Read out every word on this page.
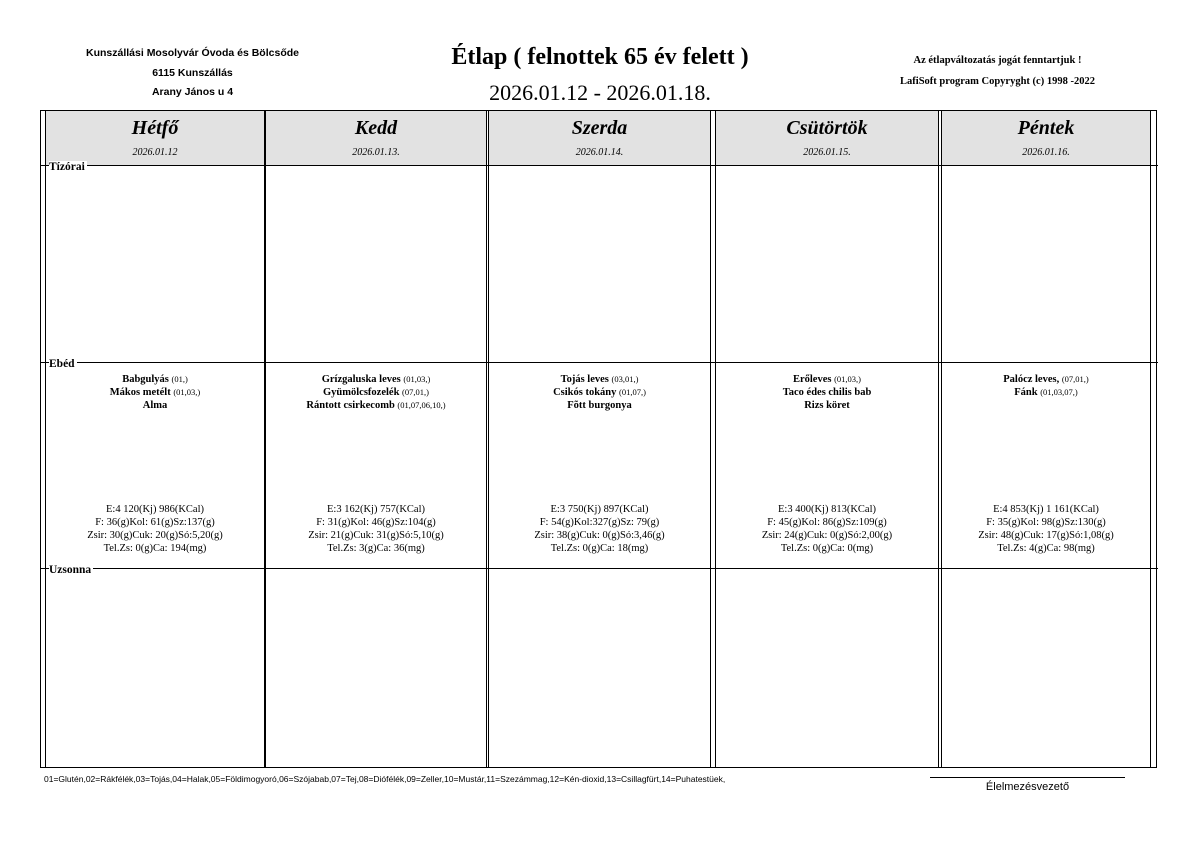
Kunszállási Mosolyvár Óvoda és Bölcsőde
6115 Kunszállás
Arany János u 4
Étlap ( felnottek 65 év felett )
2026.01.12 - 2026.01.18.
Az étlapváltozatás jogát fenntartjuk !
LafiSoft program Copyryght (c) 1998 -2022
Hétfő
2026.01.12
Babgulyás (01,)
Mákos metélt (01,03,)
Alma
E:4 120(Kj) 986(KCal)
F: 36(g)Kol: 61(g)Sz:137(g)
Zsir: 30(g)Cuk: 20(g)Só:5,20(g)
Tel.Zs: 0(g)Ca: 194(mg)
Kedd
2026.01.13.
Grízgaluska leves (01,03,)
Gyümölcsfozelék (07,01,)
Rántott csirkecomb (01,07,06,10,)
E:3 162(Kj) 757(KCal)
F: 31(g)Kol: 46(g)Sz:104(g)
Zsir: 21(g)Cuk: 31(g)Só:5,10(g)
Tel.Zs: 3(g)Ca: 36(mg)
Szerda
2026.01.14.
Tojás leves (03,01,)
Csikós tokány (01,07,)
Fõtt burgonya
E:3 750(Kj) 897(KCal)
F: 54(g)Kol:327(g)Sz: 79(g)
Zsir: 38(g)Cuk: 0(g)Só:3,46(g)
Tel.Zs: 0(g)Ca: 18(mg)
Csütörtök
2026.01.15.
Erőleves (01,03,)
Taco édes chilis bab
Rizs köret
E:3 400(Kj) 813(KCal)
F: 45(g)Kol: 86(g)Sz:109(g)
Zsir: 24(g)Cuk: 0(g)Só:2,00(g)
Tel.Zs: 0(g)Ca: 0(mg)
Péntek
2026.01.16.
Palócz leves, (07,01,)
Fánk (01,03,07,)
E:4 853(Kj) 1 161(KCal)
F: 35(g)Kol: 98(g)Sz:130(g)
Zsir: 48(g)Cuk: 17(g)Só:1,08(g)
Tel.Zs: 4(g)Ca: 98(mg)
Tízórai
Ebéd
Uzsonna
01=Glutén,02=Rákfélék,03=Tojás,04=Halak,05=Földimogyoró,06=Szójabab,07=Tej,08=Diófélék,09=Zeller,10=Mustár,11=Szezámmag,12=Kén-dioxid,13=Csillagfürt,14=Puhatestüek,
Élelmezésvezető
